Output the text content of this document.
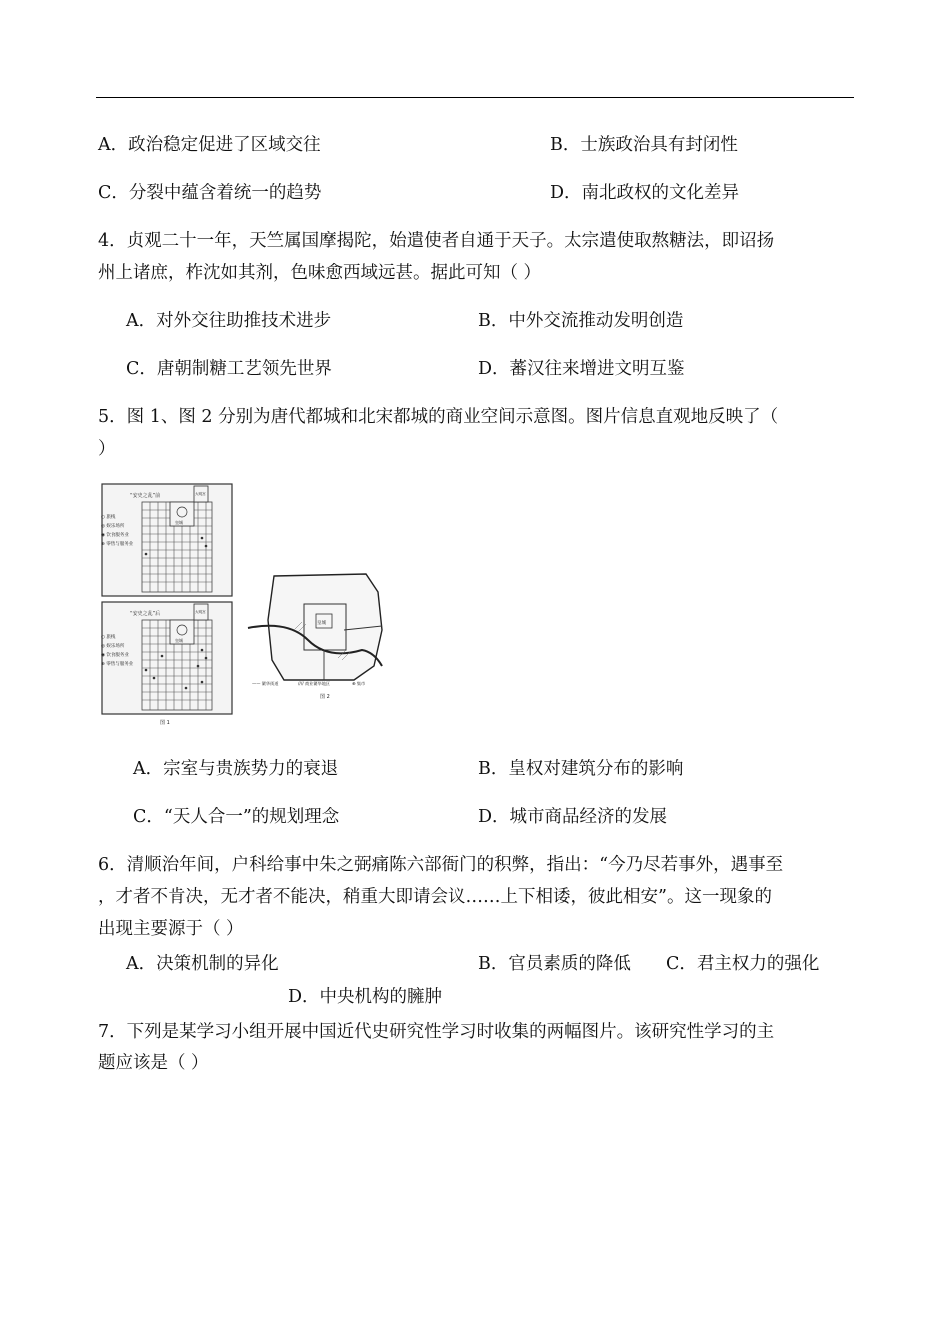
A．政治稳定促进了区域交往	B．士族政治具有封闭性
C．分裂中蕴含着统一的趋势	D．南北政权的文化差异
4．贞观二十一年，天竺属国摩揭陀，始遣使者自通于天子。太宗遣使取熬糖法，即诏扬
州上诸庶，柞沈如其剂，色味愈西域远甚。据此可知（ ）
A．对外交往助推技术进步	B．中外交流推动发明创造
C．唐朝制糖工艺领先世界	D．蕃汉往来增进文明互鉴
5．图 1、图 2 分别为唐代都城和北宋都城的商业空间示意图。图片信息直观地反映了（
）
“安史之乱”前
○ 旅栈
◎ 娱乐场所
◉ 饮食服务业
⊕ 零售与服务业
皇城
大明宫
“安史之乱”后
○ 旅栈
◎ 娱乐场所
◉ 饮食服务业
⊕ 零售与服务业
皇城
大明宫
图 1
皇城
—— 繁华街道	//// 商业繁华地区	⊕ 集市
图 2
A．宗室与贵族势力的衰退	B．皇权对建筑分布的影响
C．“天人合一”的规划理念	D．城市商品经济的发展
6．清顺治年间，户科给事中朱之弼痛陈六部衙门的积弊，指出：“今乃尽若事外，遇事至
，才者不肯决，无才者不能决，稍重大即请会议……上下相诿，彼此相安”。这一现象的
出现主要源于（ ）
A．决策机制的异化	B．官员素质的降低 C．君主权力的强化
D．中央机构的臃肿
7．下列是某学习小组开展中国近代史研究性学习时收集的两幅图片。该研究性学习的主
题应该是（ ）
